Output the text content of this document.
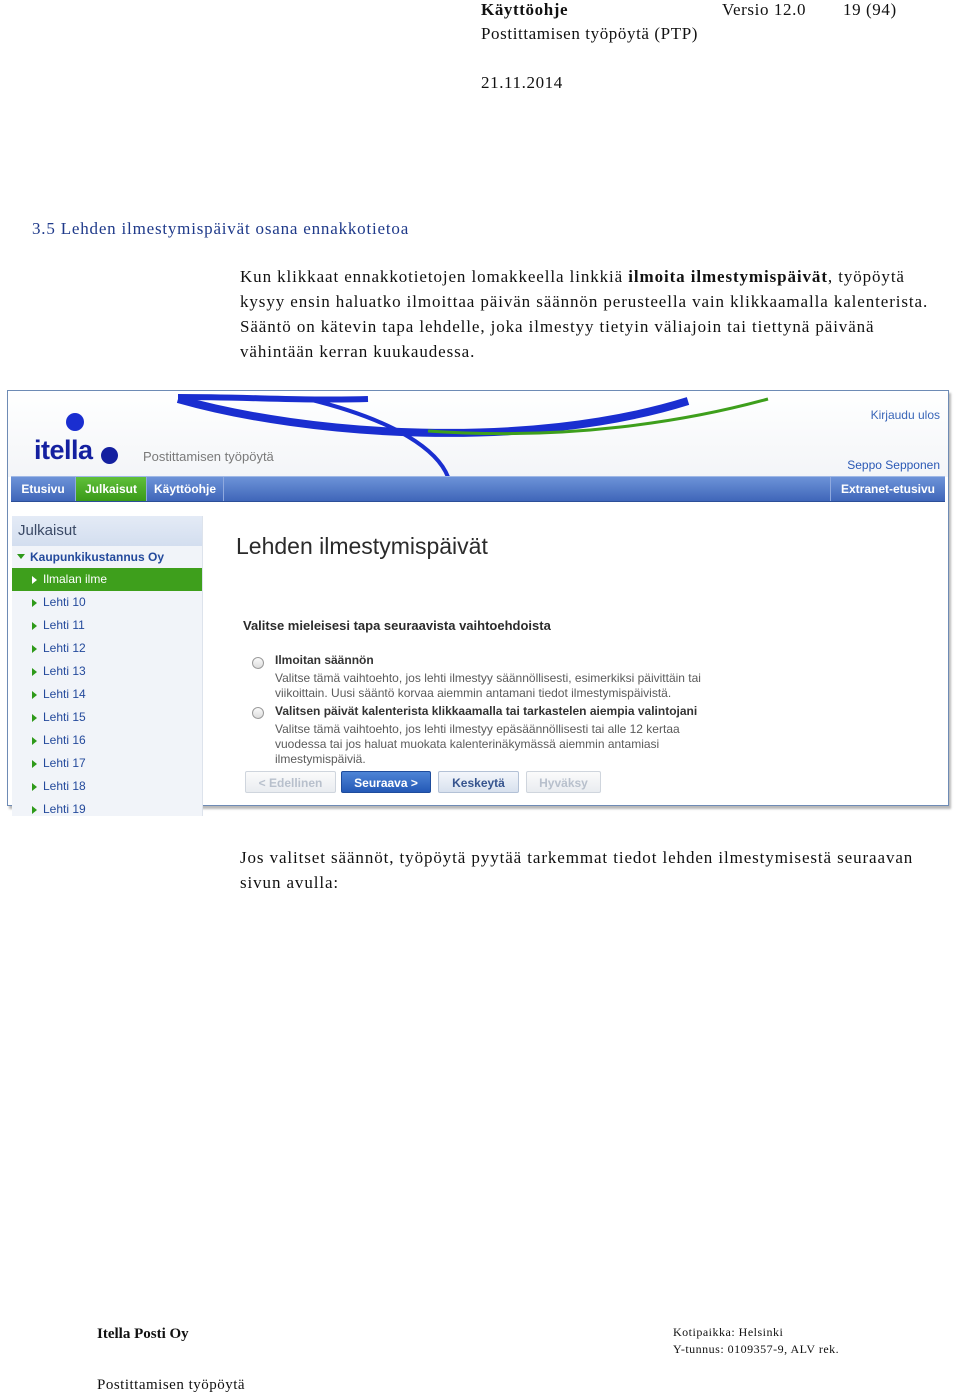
Käyttöohje	Versio 12.0 19 (94)
Postittamisen työpöytä (PTP)
21.11.2014
3.5 Lehden ilmestymispäivät osana ennakkotietoa
Kun klikkaat ennakkotietojen lomakkeella linkkiä ilmoita ilmestymispäivät, työpöytä kysyy ensin haluatko ilmoittaa päivän säännön perusteella vain klikkaamalla kalenterista. Sääntö on kätevin tapa lehdelle, joka ilmestyy tietyin väliajoin tai tiettynä päivänä vähintään kerran kuukaudessa.
itella	Postittamisen työpöytä
Kirjaudu ulos
Seppo Sepponen
Etusivu	Julkaisut	Käyttöohje	Extranet-etusivu
Julkaisut
Kaupunkikustannus Oy
Ilmalan ilme
Lehti 10
Lehti 11
Lehti 12
Lehti 13
Lehti 14
Lehti 15
Lehti 16
Lehti 17
Lehti 18
Lehti 19
Lehden ilmestymispäivät
Valitse mieleisesi tapa seuraavista vaihtoehdoista
Ilmoitan säännön
Valitse tämä vaihtoehto, jos lehti ilmestyy säännöllisesti, esimerkiksi päivittäin tai viikoittain. Uusi sääntö korvaa aiemmin antamani tiedot ilmestymispäivistä.
Valitsen päivät kalenterista klikkaamalla tai tarkastelen aiempia valintojani
Valitse tämä vaihtoehto, jos lehti ilmestyy epäsäännöllisesti tai alle 12 kertaa vuodessa tai jos haluat muokata kalenterinäkymässä aiemmin antamiasi ilmestymispäiviä.
< Edellinen	Seuraava >	Keskeytä	Hyväksy
Jos valitset säännöt, työpöytä pyytää tarkemmat tiedot lehden ilmestymisestä seuraavan sivun avulla:
Itella Posti Oy
Postittamisen työpöytä
Kotipaikka: Helsinki
Y-tunnus: 0109357-9, ALV rek.
